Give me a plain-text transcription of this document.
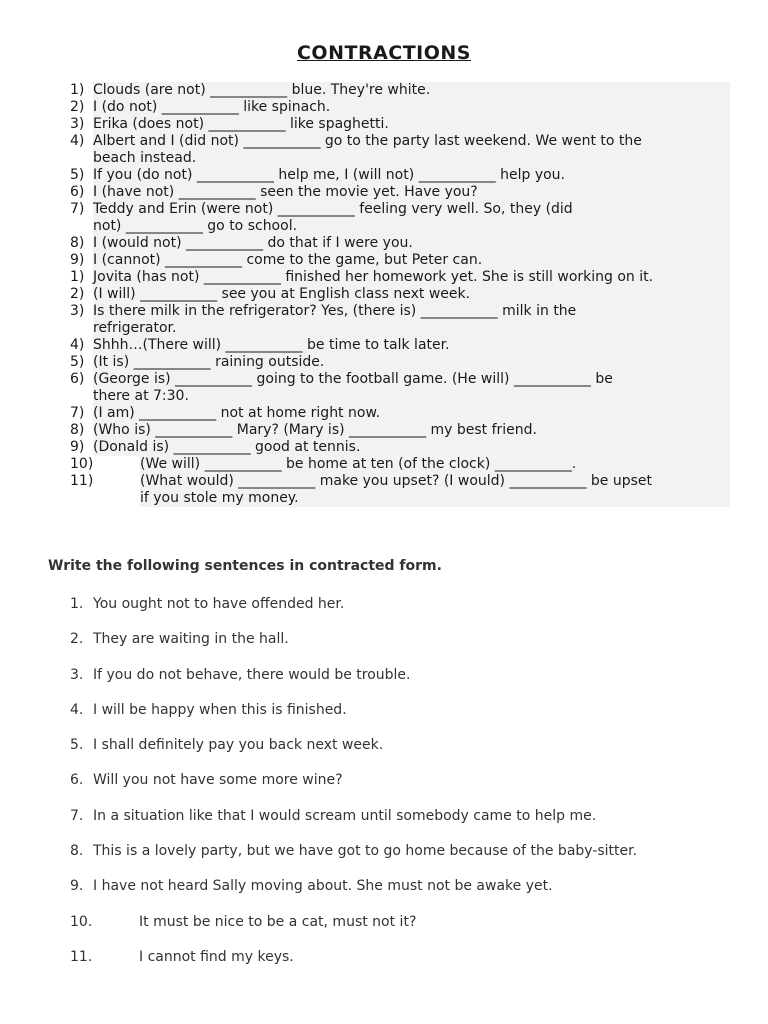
CONTRACTIONS
1) Clouds (are not) ___________ blue. They're white.
2) I (do not) ___________ like spinach.
3) Erika (does not) ___________ like spaghetti.
4) Albert and I (did not) ___________ go to the party last weekend. We went to the
beach instead.
5) If you (do not) ___________ help me, I (will not) ___________ help you.
6) I (have not) ___________ seen the movie yet. Have you?
7) Teddy and Erin (were not) ___________ feeling very well. So, they (did
not) ___________ go to school.
8) I (would not) ___________ do that if I were you.
9) I (cannot) ___________ come to the game, but Peter can.
1) Jovita (has not) ___________ finished her homework yet. She is still working on it.
2) (I will) ___________ see you at English class next week.
3) Is there milk in the refrigerator? Yes, (there is) ___________ milk in the
refrigerator.
4) Shhh…(There will) ___________ be time to talk later.
5) (It is) ___________ raining outside.
6) (George is) ___________ going to the football game. (He will) ___________ be
there at 7:30.
7) (I am) ___________ not at home right now.
8) (Who is) ___________ Mary? (Mary is) ___________ my best friend.
9) (Donald is) ___________ good at tennis.
10)	(We will) ___________ be home at ten (of the clock) ___________.
11)	(What would) ___________ make you upset? (I would) ___________ be upset
if you stole my money.
Write the following sentences in contracted form.
1. You ought not to have offended her.
2. They are waiting in the hall.
3. If you do not behave, there would be trouble.
4. I will be happy when this is finished.
5. I shall definitely pay you back next week.
6. Will you not have some more wine?
7. In a situation like that I would scream until somebody came to help me.
8. This is a lovely party, but we have got to go home because of the baby-sitter.
9. I have not heard Sally moving about. She must not be awake yet.
10.	It must be nice to be a cat, must not it?
11.	I cannot find my keys.
